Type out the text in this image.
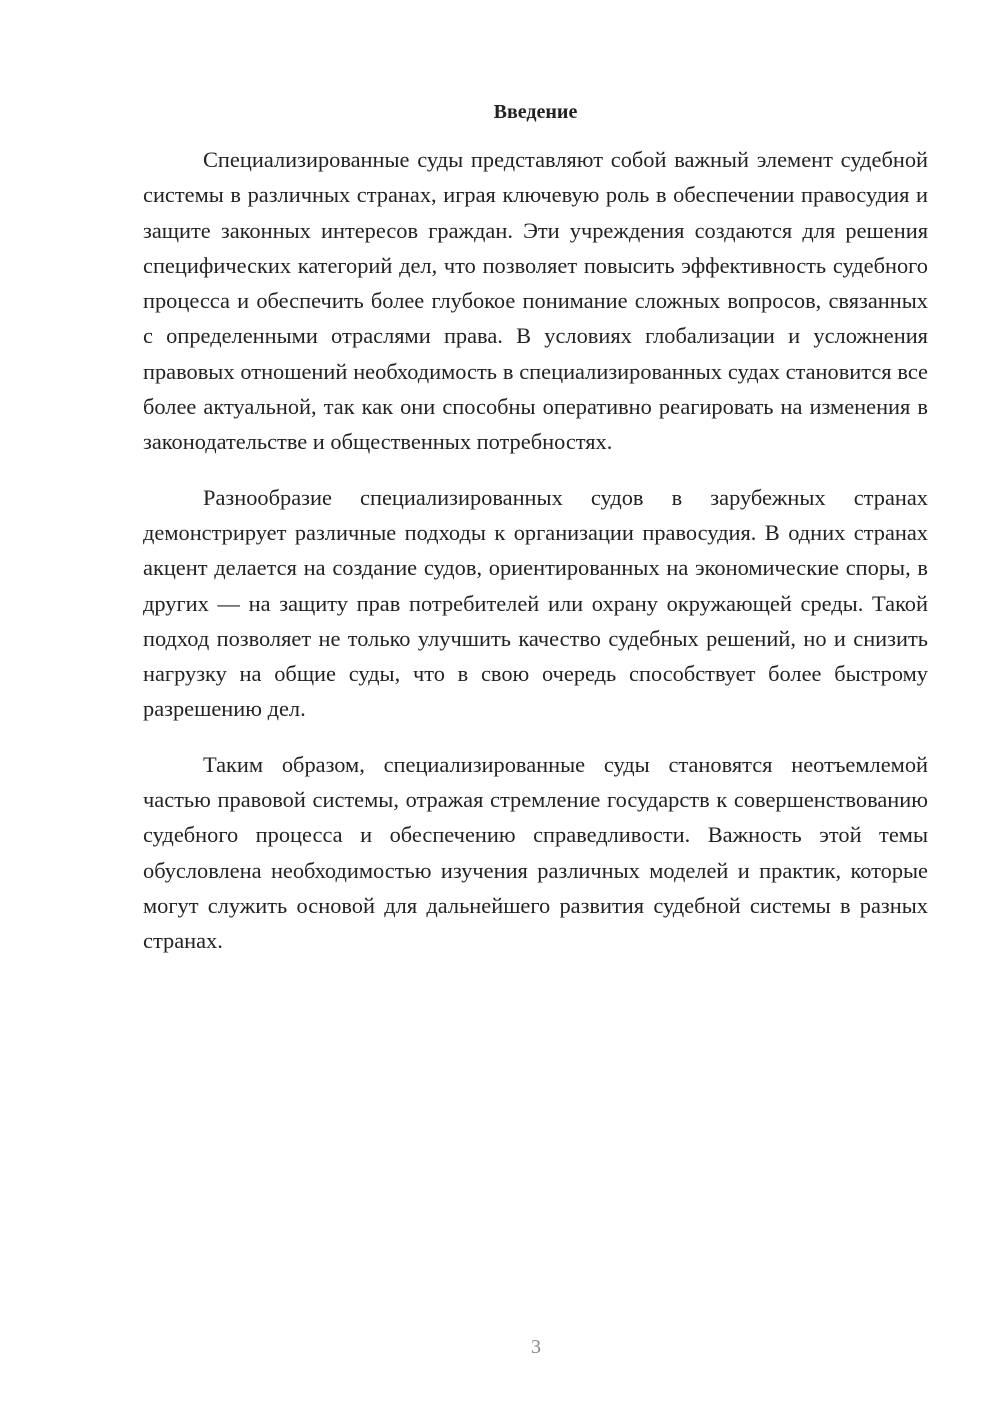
Введение

Специализированные суды представляют собой важный элемент судебной системы в различных странах, играя ключевую роль в обеспечении правосудия и защите законных интересов граждан. Эти учреждения создаются для решения специфических категорий дел, что позволяет повысить эффективность судебного процесса и обеспечить более глубокое понимание сложных вопросов, связанных с определенными отраслями права. В условиях глобализации и усложнения правовых отношений необходимость в специализированных судах становится все более актуальной, так как они способны оперативно реагировать на изменения в законодательстве и общественных потребностях.

Разнообразие специализированных судов в зарубежных странах демонстрирует различные подходы к организации правосудия. В одних странах акцент делается на создание судов, ориентированных на экономические споры, в других — на защиту прав потребителей или охрану окружающей среды. Такой подход позволяет не только улучшить качество судебных решений, но и снизить нагрузку на общие суды, что в свою очередь способствует более быстрому разрешению дел.

Таким образом, специализированные суды становятся неотъемлемой частью правовой системы, отражая стремление государств к совершенствованию судебного процесса и обеспечению справедливости. Важность этой темы обусловлена необходимостью изучения различных моделей и практик, которые могут служить основой для дальнейшего развития судебной системы в разных странах.

3
